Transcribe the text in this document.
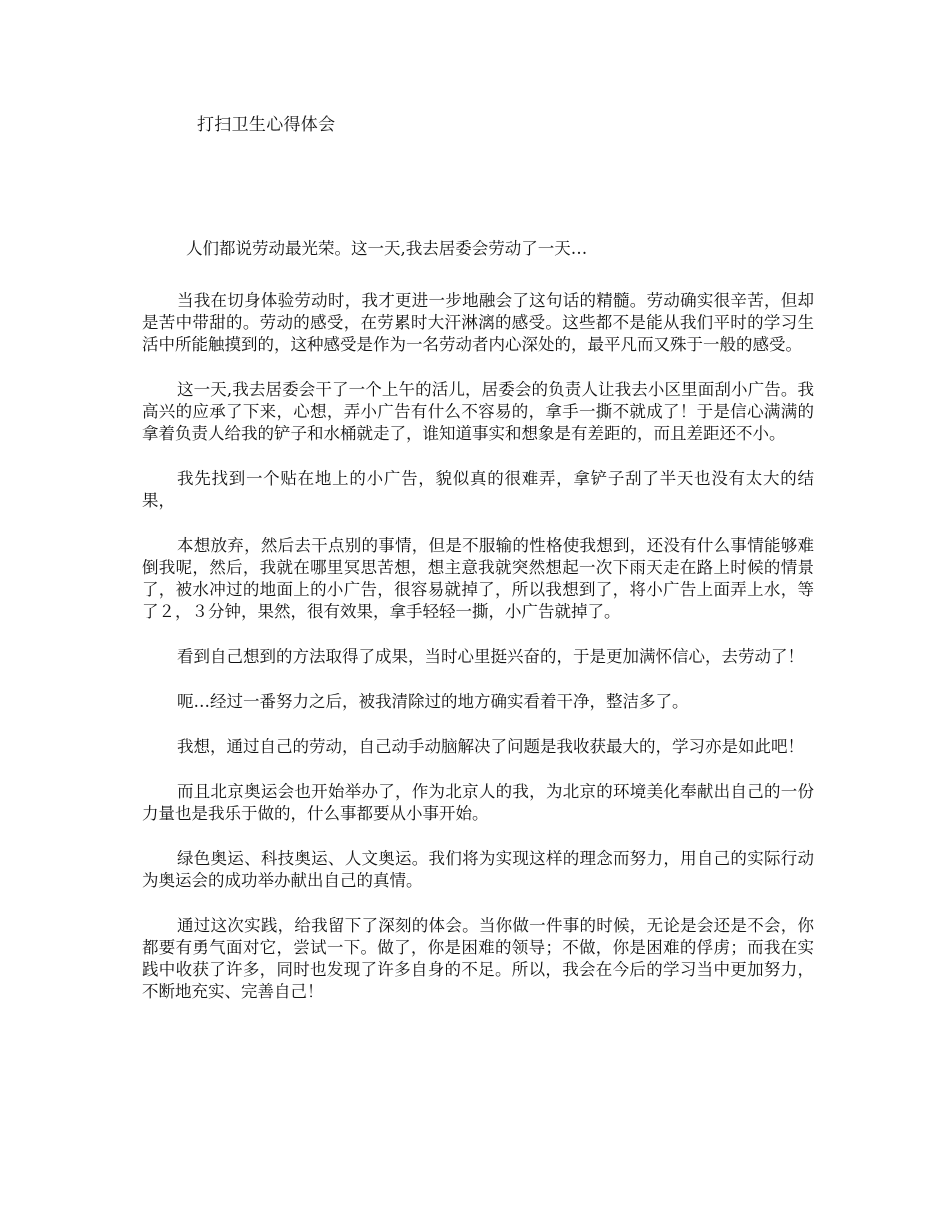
打扫卫生心得体会

人们都说劳动最光荣。这一天,我去居委会劳动了一天…

当我在切身体验劳动时，我才更进一步地融会了这句话的精髓。劳动确实很辛苦，但却是苦中带甜的。劳动的感受，在劳累时大汗淋漓的感受。这些都不是能从我们平时的学习生活中所能触摸到的，这种感受是作为一名劳动者内心深处的，最平凡而又殊于一般的感受。

这一天,我去居委会干了一个上午的活儿，居委会的负责人让我去小区里面刮小广告。我高兴的应承了下来，心想，弄小广告有什么不容易的，拿手一撕不就成了！于是信心满满的拿着负责人给我的铲子和水桶就走了，谁知道事实和想象是有差距的，而且差距还不小。

我先找到一个贴在地上的小广告，貌似真的很难弄，拿铲子刮了半天也没有太大的结果，

本想放弃，然后去干点别的事情，但是不服输的性格使我想到，还没有什么事情能够难倒我呢，然后，我就在哪里冥思苦想，想主意我就突然想起一次下雨天走在路上时候的情景了，被水冲过的地面上的小广告，很容易就掉了，所以我想到了，将小广告上面弄上水，等了２，３分钟，果然，很有效果，拿手轻轻一撕，小广告就掉了。

看到自己想到的方法取得了成果，当时心里挺兴奋的，于是更加满怀信心，去劳动了！

呃…经过一番努力之后，被我清除过的地方确实看着干净，整洁多了。

我想，通过自己的劳动，自己动手动脑解决了问题是我收获最大的，学习亦是如此吧！

而且北京奥运会也开始举办了，作为北京人的我，为北京的环境美化奉献出自己的一份力量也是我乐于做的，什么事都要从小事开始。

绿色奥运、科技奥运、人文奥运。我们将为实现这样的理念而努力，用自己的实际行动为奥运会的成功举办献出自己的真情。

通过这次实践，给我留下了深刻的体会。当你做一件事的时候，无论是会还是不会，你都要有勇气面对它，尝试一下。做了，你是困难的领导；不做，你是困难的俘虏；而我在实践中收获了许多，同时也发现了许多自身的不足。所以，我会在今后的学习当中更加努力，不断地充实、完善自己！
